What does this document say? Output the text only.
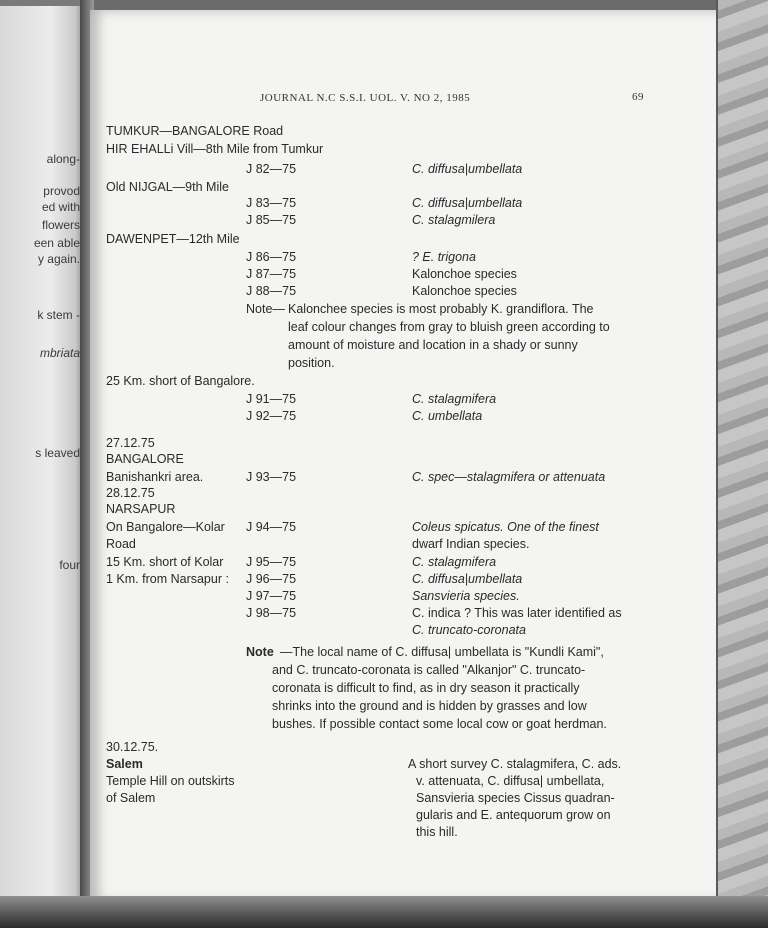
along-
provod
ed with
flowers
een able
y again.
k stem -
mbriata
s leaved
four
JOURNAL N.C S.S.I. UOL. V. NO 2, 1985	69
TUMKUR—BANGALORE Road
HIR EHALLi Vill—8th Mile from Tumkur
J 82—75	C. diffusa|umbellata
Old NIJGAL—9th Mile
J 83—75	C. diffusa|umbellata
J 85—75	C. stalagmilera
DAWENPET—12th Mile
J 86—75	? E. trigona
J 87—75	Kalonchoe species
J 88—75	Kalonchoe species
Note— Kalonchee species is most probably K. grandiflora. The
leaf colour changes from gray to bluish green according to
amount of moisture and location in a shady or sunny
position.
25 Km. short of Bangalore.
J 91—75	C. stalagmifera
J 92—75	C. umbellata
27.12.75
BANGALORE
Banishankri area.	J 93—75	C. spec—stalagmifera or attenuata
28.12.75
NARSAPUR
On Bangalore—Kolar J 94—75	Coleus spicatus. One of the finest
Road	dwarf Indian species.
15 Km. short of Kolar J 95—75	C. stalagmifera
1 Km. from Narsapur : J 96—75	C. diffusa|umbellata
J 97—75	Sansvieria species.
J 98—75	C. indica ? This was later identified as
C. truncato-coronata
Note —The local name of C. diffusa| umbellata is "Kundli Kami",
and C. truncato-coronata is called "Alkanjor" C. truncato-
coronata is difficult to find, as in dry season it practically
shrinks into the ground and is hidden by grasses and low
bushes. If possible contact some local cow or goat herdman.
30.12.75.
Salem
Temple Hill on outskirts
of Salem
A short survey C. stalagmifera, C. ads.
v. attenuata, C. diffusa| umbellata,
Sansvieria species Cissus quadran-
gularis and E. antequorum grow on
this hill.
